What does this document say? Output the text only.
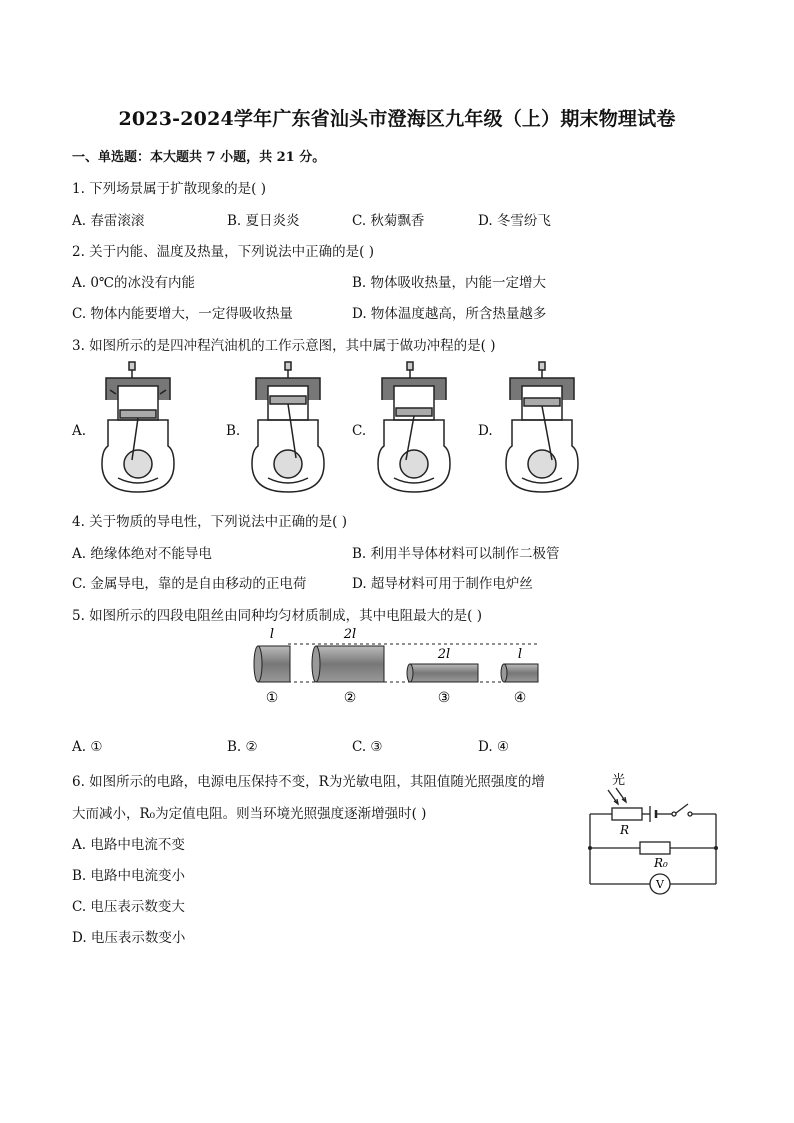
2023-2024学年广东省汕头市澄海区九年级（上）期末物理试卷
一、单选题：本大题共 7 小题，共 21 分。
1. 下列场景属于扩散现象的是( )
A. 春雷滚滚	B. 夏日炎炎	C. 秋菊飘香	D. 冬雪纷飞
2. 关于内能、温度及热量，下列说法中正确的是( )
A. 0℃的冰没有内能	B. 物体吸收热量，内能一定增大
C. 物体内能要增大，一定得吸收热量	D. 物体温度越高，所含热量越多
3. 如图所示的是四冲程汽油机的工作示意图，其中属于做功冲程的是( )
A.	B.	C.	D.
4. 关于物质的导电性，下列说法中正确的是( )
A. 绝缘体绝对不能导电	B. 利用半导体材料可以制作二极管
C. 金属导电，靠的是自由移动的正电荷	D. 超导材料可用于制作电炉丝
5. 如图所示的四段电阻丝由同种均匀材质制成，其中电阻最大的是( )
l	2l
2l	l
①	②	③	④
A. ①	B. ②	C. ③	D. ④
6. 如图所示的电路，电源电压保持不变，R为光敏电阻，其阻值随光照强度的增
大而减小，R₀为定值电阻。则当环境光照强度逐渐增强时( )
A. 电路中电流不变
B. 电路中电流变小
C. 电压表示数变大
D. 电压表示数变小
光
R
R₀
V
